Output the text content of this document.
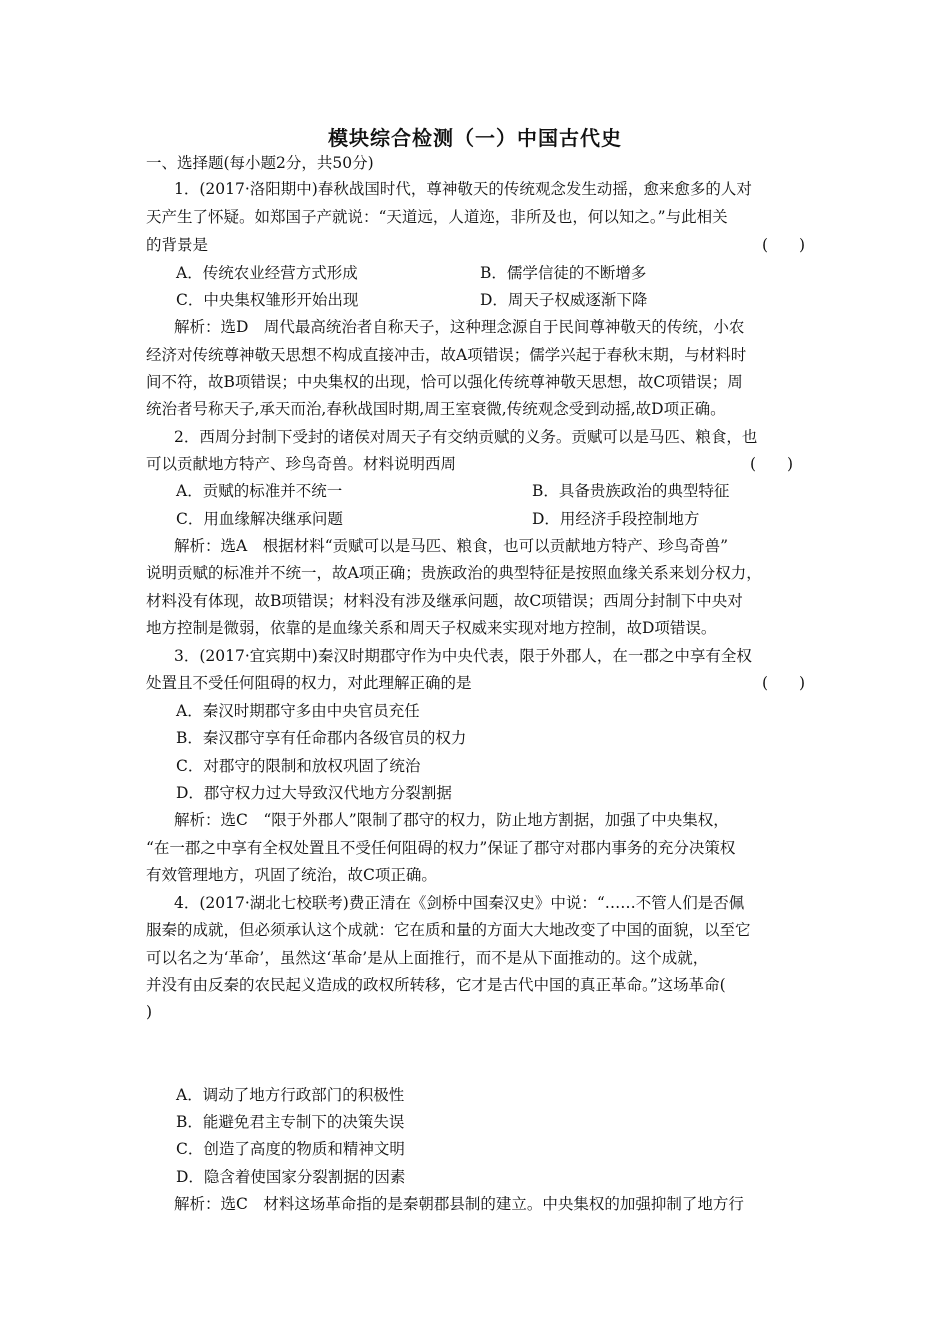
模块综合检测（一）中国古代史
一、选择题(每小题2分，共50分)
1．(2017·洛阳期中)春秋战国时代，尊神敬天的传统观念发生动摇，愈来愈多的人对
天产生了怀疑。如郑国子产就说：“天道远，人道迩，非所及也，何以知之。”与此相关
的背景是	(　　)
A．传统农业经营方式形成	B．儒学信徒的不断增多
C．中央集权雏形开始出现	D．周天子权威逐渐下降
解析：选D　周代最高统治者自称天子，这种理念源自于民间尊神敬天的传统，小农
经济对传统尊神敬天思想不构成直接冲击，故A项错误；儒学兴起于春秋末期，与材料时
间不符，故B项错误；中央集权的出现，恰可以强化传统尊神敬天思想，故C项错误；周
统治者号称天子,承天而治,春秋战国时期,周王室衰微,传统观念受到动摇,故D项正确。
2．西周分封制下受封的诸侯对周天子有交纳贡赋的义务。贡赋可以是马匹、粮食，也
可以贡献地方特产、珍鸟奇兽。材料说明西周	(　　)
A．贡赋的标准并不统一	B．具备贵族政治的典型特征
C．用血缘解决继承问题	D．用经济手段控制地方
解析：选A　根据材料“贡赋可以是马匹、粮食，也可以贡献地方特产、珍鸟奇兽”
说明贡赋的标准并不统一，故A项正确；贵族政治的典型特征是按照血缘关系来划分权力，
材料没有体现，故B项错误；材料没有涉及继承问题，故C项错误；西周分封制下中央对
地方控制是微弱，依靠的是血缘关系和周天子权威来实现对地方控制，故D项错误。
3．(2017·宜宾期中)秦汉时期郡守作为中央代表，限于外郡人，在一郡之中享有全权
处置且不受任何阻碍的权力，对此理解正确的是	(　　)
A．秦汉时期郡守多由中央官员充任
B．秦汉郡守享有任命郡内各级官员的权力
C．对郡守的限制和放权巩固了统治
D．郡守权力过大导致汉代地方分裂割据
解析：选C　“限于外郡人”限制了郡守的权力，防止地方割据，加强了中央集权，
“在一郡之中享有全权处置且不受任何阻碍的权力”保证了郡守对郡内事务的充分决策权
有效管理地方，巩固了统治，故C项正确。
4．(2017·湖北七校联考)费正清在《剑桥中国秦汉史》中说：“……不管人们是否佩
服秦的成就，但必须承认这个成就：它在质和量的方面大大地改变了中国的面貌，以至它
可以名之为‘革命’，虽然这‘革命’是从上面推行，而不是从下面推动的。这个成就，
并没有由反秦的农民起义造成的政权所转移，它才是古代中国的真正革命。”这场革命(
)
A．调动了地方行政部门的积极性
B．能避免君主专制下的决策失误
C．创造了高度的物质和精神文明
D．隐含着使国家分裂割据的因素
解析：选C　材料这场革命指的是秦朝郡县制的建立。中央集权的加强抑制了地方行
